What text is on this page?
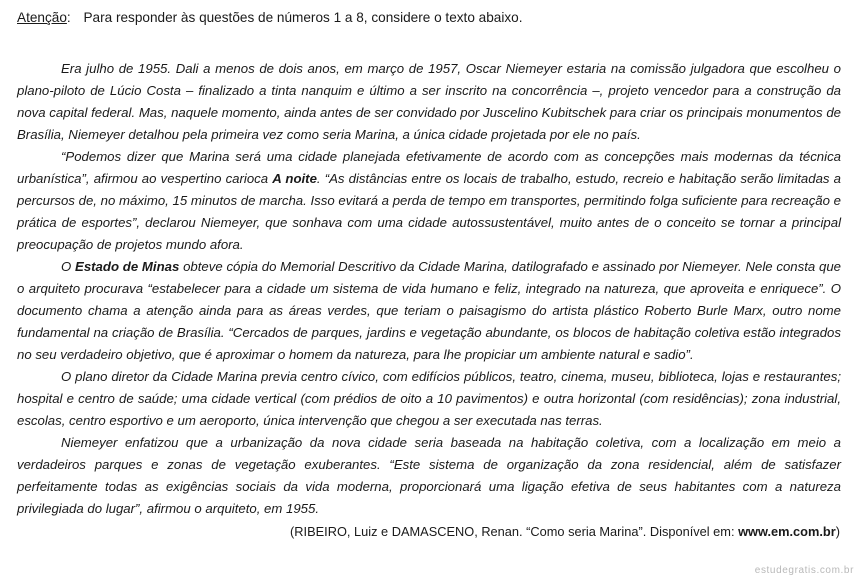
Atenção: Para responder às questões de números 1 a 8, considere o texto abaixo.

Era julho de 1955. Dali a menos de dois anos, em março de 1957, Oscar Niemeyer estaria na comissão julgadora que escolheu o plano-piloto de Lúcio Costa – finalizado a tinta nanquim e último a ser inscrito na concorrência –, projeto vencedor para a construção da nova capital federal. Mas, naquele momento, ainda antes de ser convidado por Juscelino Kubitschek para criar os principais monumentos de Brasília, Niemeyer detalhou pela primeira vez como seria Marina, a única cidade projetada por ele no país.

“Podemos dizer que Marina será uma cidade planejada efetivamente de acordo com as concepções mais modernas da técnica urbanística”, afirmou ao vespertino carioca A noite. “As distâncias entre os locais de trabalho, estudo, recreio e habitação serão limitadas a percursos de, no máximo, 15 minutos de marcha. Isso evitará a perda de tempo em transportes, permitindo folga suficiente para recreação e prática de esportes”, declarou Niemeyer, que sonhava com uma cidade autossustentável, muito antes de o conceito se tornar a principal preocupação de projetos mundo afora.

O Estado de Minas obteve cópia do Memorial Descritivo da Cidade Marina, datilografado e assinado por Niemeyer. Nele consta que o arquiteto procurava “estabelecer para a cidade um sistema de vida humano e feliz, integrado na natureza, que aproveita e enriquece”. O documento chama a atenção ainda para as áreas verdes, que teriam o paisagismo do artista plástico Roberto Burle Marx, outro nome fundamental na criação de Brasília. “Cercados de parques, jardins e vegetação abundante, os blocos de habitação coletiva estão integrados no seu verdadeiro objetivo, que é aproximar o homem da natureza, para lhe propiciar um ambiente natural e sadio”.

O plano diretor da Cidade Marina previa centro cívico, com edifícios públicos, teatro, cinema, museu, biblioteca, lojas e restaurantes; hospital e centro de saúde; uma cidade vertical (com prédios de oito a 10 pavimentos) e outra horizontal (com residências); zona industrial, escolas, centro esportivo e um aeroporto, única intervenção que chegou a ser executada nas terras.

Niemeyer enfatizou que a urbanização da nova cidade seria baseada na habitação coletiva, com a localização em meio a verdadeiros parques e zonas de vegetação exuberantes. “Este sistema de organização da zona residencial, além de satisfazer perfeitamente todas as exigências sociais da vida moderna, proporcionará uma ligação efetiva de seus habitantes com a natureza privilegiada do lugar”, afirmou o arquiteto, em 1955.

(RIBEIRO, Luiz e DAMASCENO, Renan. “Como seria Marina”. Disponível em: www.em.com.br)
estudegratis.com.br
